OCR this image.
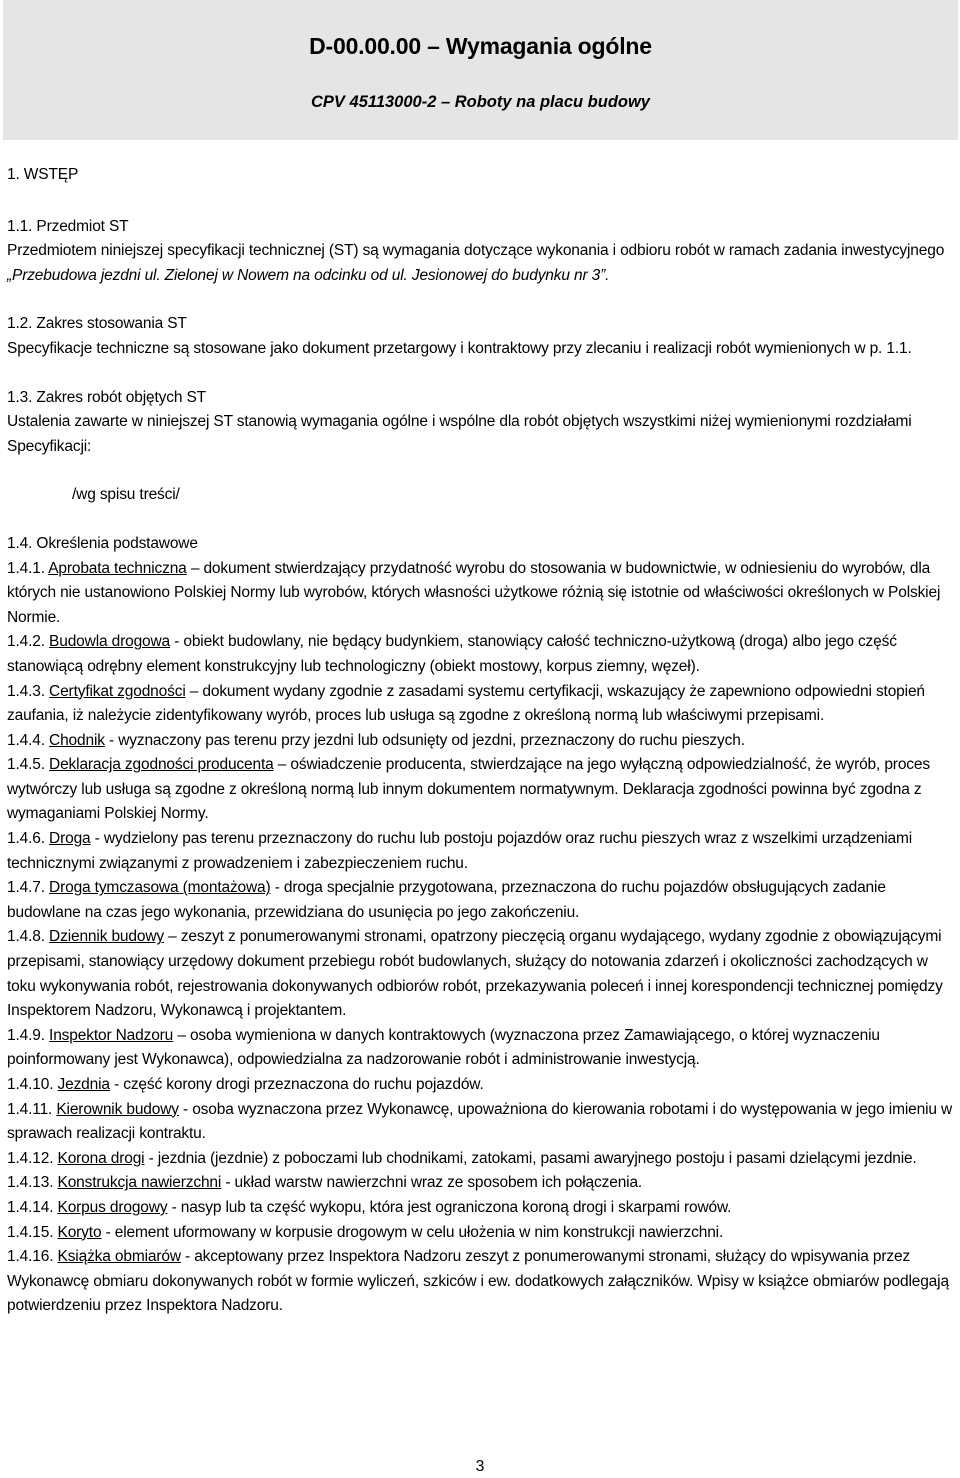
D-00.00.00 – Wymagania ogólne
CPV 45113000-2 – Roboty na placu budowy

1. WSTĘP

1.1. Przedmiot ST

Przedmiotem niniejszej specyfikacji technicznej (ST) są wymagania dotyczące wykonania i odbioru robót w ramach zadania inwestycyjnego „Przebudowa jezdni ul. Zielonej w Nowem na odcinku od ul. Jesionowej do budynku nr 3”.

1.2. Zakres stosowania ST

Specyfikacje techniczne są stosowane jako dokument przetargowy i kontraktowy przy zlecaniu i realizacji robót wymienionych w p. 1.1.

1.3. Zakres robót objętych ST

Ustalenia zawarte w niniejszej ST stanowią wymagania ogólne i wspólne dla robót objętych wszystkimi niżej wymienionymi rozdziałami Specyfikacji:

/wg spisu treści/

1.4. Określenia podstawowe

1.4.1. Aprobata techniczna – dokument stwierdzający przydatność wyrobu do stosowania w budownictwie, w odniesieniu do wyrobów, dla których nie ustanowiono Polskiej Normy lub wyrobów, których własności użytkowe różnią się istotnie od właściwości określonych w Polskiej Normie.

1.4.2. Budowla drogowa - obiekt budowlany, nie będący budynkiem, stanowiący całość techniczno-użytkową (droga) albo jego część stanowiącą odrębny element konstrukcyjny lub technologiczny (obiekt mostowy, korpus ziemny, węzeł).

1.4.3. Certyfikat zgodności – dokument wydany zgodnie z zasadami systemu certyfikacji, wskazujący że zapewniono odpowiedni stopień zaufania, iż należycie zidentyfikowany wyrób, proces lub usługa są zgodne z określoną normą lub właściwymi przepisami.

1.4.4. Chodnik - wyznaczony pas terenu przy jezdni lub odsunięty od jezdni, przeznaczony do ruchu pieszych.

1.4.5. Deklaracja zgodności producenta – oświadczenie producenta, stwierdzające na jego wyłączną odpowiedzialność, że wyrób, proces wytwórczy lub usługa są zgodne z określoną normą lub innym dokumentem normatywnym. Deklaracja zgodności powinna być zgodna z wymaganiami Polskiej Normy.

1.4.6. Droga - wydzielony pas terenu przeznaczony do ruchu lub postoju pojazdów oraz ruchu pieszych wraz z wszelkimi urządzeniami technicznymi związanymi z prowadzeniem i zabezpieczeniem ruchu.

1.4.7. Droga tymczasowa (montażowa) - droga specjalnie przygotowana, przeznaczona do ruchu pojazdów obsługujących zadanie budowlane na czas jego wykonania, przewidziana do usunięcia po jego zakończeniu.

1.4.8. Dziennik budowy – zeszyt z ponumerowanymi stronami, opatrzony pieczęcią organu wydającego, wydany zgodnie z obowiązującymi przepisami, stanowiący urzędowy dokument przebiegu robót budowlanych, służący do notowania zdarzeń i okoliczności zachodzących w toku wykonywania robót, rejestrowania dokonywanych odbiorów robót, przekazywania poleceń i innej korespondencji technicznej pomiędzy Inspektorem Nadzoru, Wykonawcą i projektantem.

1.4.9. Inspektor Nadzoru – osoba wymieniona w danych kontraktowych (wyznaczona przez Zamawiającego, o której wyznaczeniu poinformowany jest Wykonawca), odpowiedzialna za nadzorowanie robót i administrowanie inwestycją.

1.4.10. Jezdnia - część korony drogi przeznaczona do ruchu pojazdów.

1.4.11. Kierownik budowy - osoba wyznaczona przez Wykonawcę, upoważniona do kierowania robotami i do występowania w jego imieniu w sprawach realizacji kontraktu.

1.4.12. Korona drogi - jezdnia (jezdnie) z poboczami lub chodnikami, zatokami, pasami awaryjnego postoju i pasami dzielącymi jezdnie.

1.4.13. Konstrukcja nawierzchni - układ warstw nawierzchni wraz ze sposobem ich połączenia.

1.4.14. Korpus drogowy - nasyp lub ta część wykopu, która jest ograniczona koroną drogi i skarpami rowów.

1.4.15. Koryto - element uformowany w korpusie drogowym w celu ułożenia w nim konstrukcji nawierzchni.

1.4.16. Książka obmiarów - akceptowany przez Inspektora Nadzoru zeszyt z ponumerowanymi stronami, służący do wpisywania przez Wykonawcę obmiaru dokonywanych robót w formie wyliczeń, szkiców i ew. dodatkowych załączników. Wpisy w książce obmiarów podlegają potwierdzeniu przez Inspektora Nadzoru.

3
